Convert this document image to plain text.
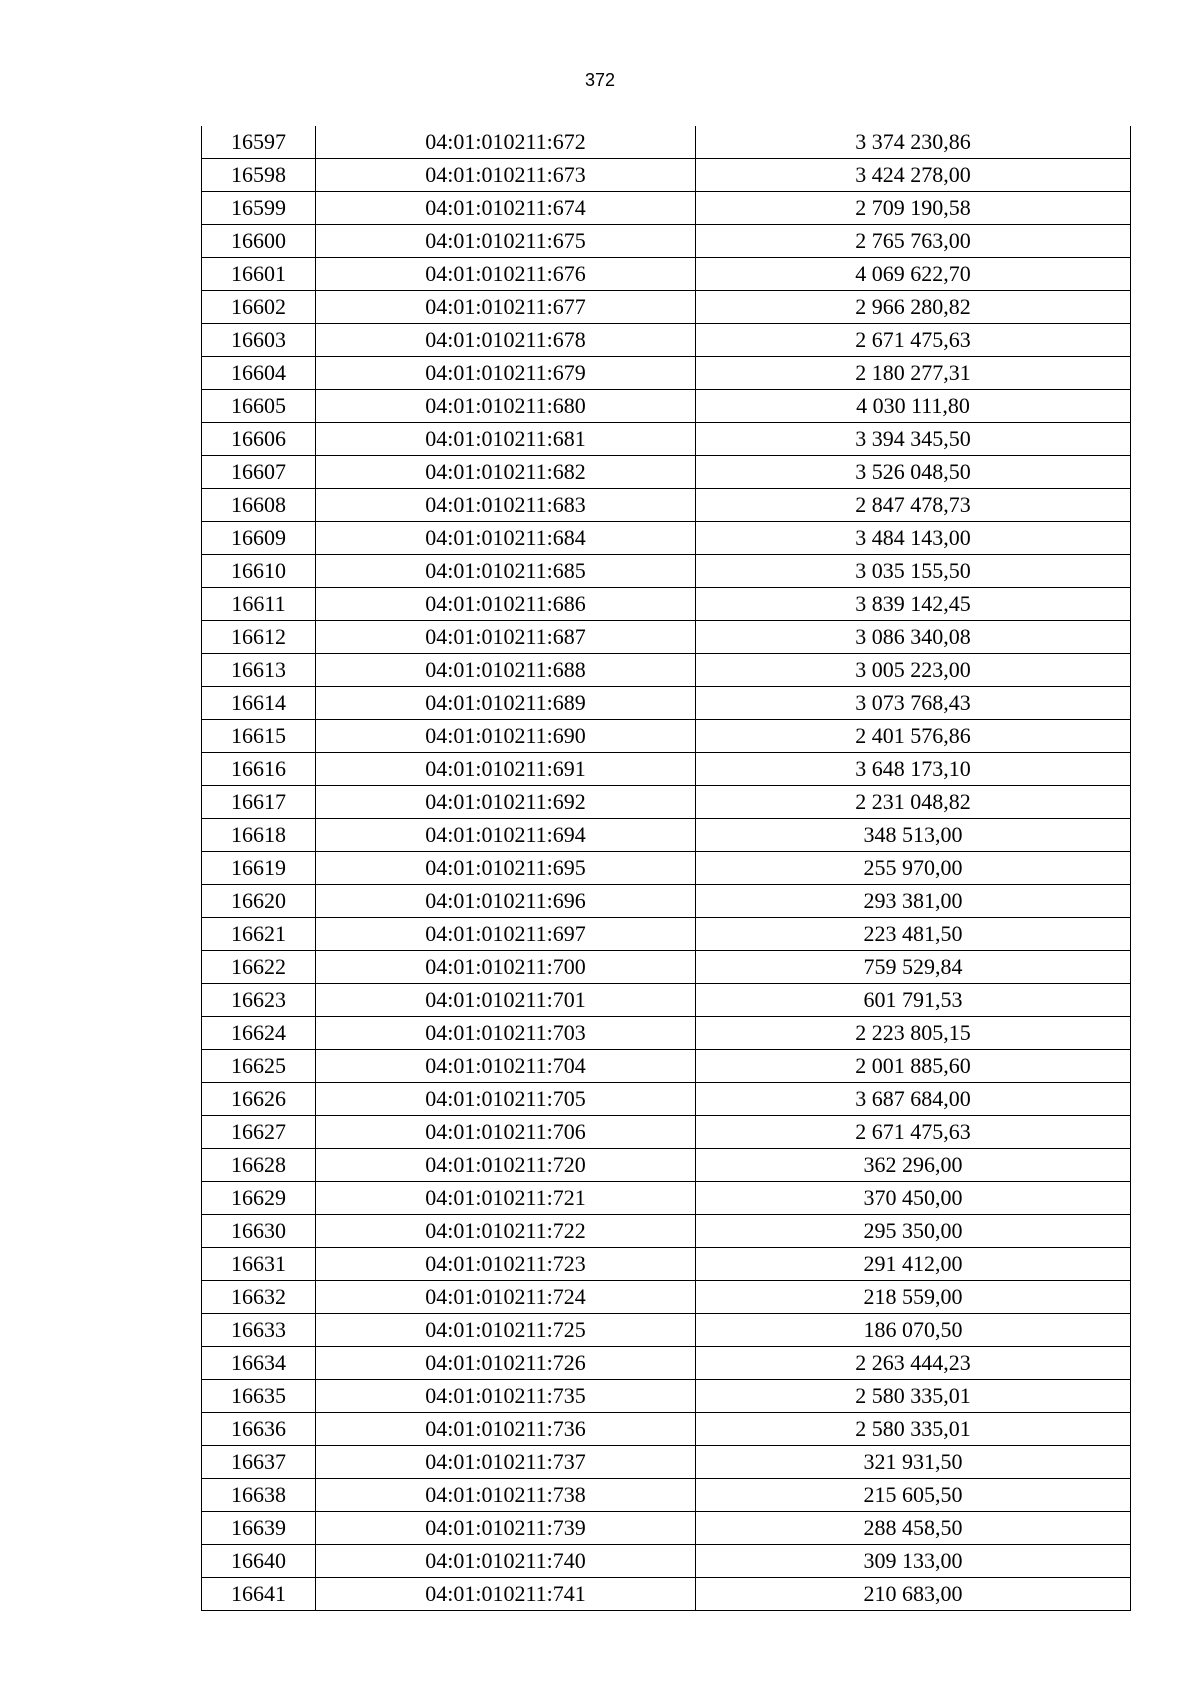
372
16597	04:01:010211:672	3 374 230,86
16598	04:01:010211:673	3 424 278,00
16599	04:01:010211:674	2 709 190,58
16600	04:01:010211:675	2 765 763,00
16601	04:01:010211:676	4 069 622,70
16602	04:01:010211:677	2 966 280,82
16603	04:01:010211:678	2 671 475,63
16604	04:01:010211:679	2 180 277,31
16605	04:01:010211:680	4 030 111,80
16606	04:01:010211:681	3 394 345,50
16607	04:01:010211:682	3 526 048,50
16608	04:01:010211:683	2 847 478,73
16609	04:01:010211:684	3 484 143,00
16610	04:01:010211:685	3 035 155,50
16611	04:01:010211:686	3 839 142,45
16612	04:01:010211:687	3 086 340,08
16613	04:01:010211:688	3 005 223,00
16614	04:01:010211:689	3 073 768,43
16615	04:01:010211:690	2 401 576,86
16616	04:01:010211:691	3 648 173,10
16617	04:01:010211:692	2 231 048,82
16618	04:01:010211:694	348 513,00
16619	04:01:010211:695	255 970,00
16620	04:01:010211:696	293 381,00
16621	04:01:010211:697	223 481,50
16622	04:01:010211:700	759 529,84
16623	04:01:010211:701	601 791,53
16624	04:01:010211:703	2 223 805,15
16625	04:01:010211:704	2 001 885,60
16626	04:01:010211:705	3 687 684,00
16627	04:01:010211:706	2 671 475,63
16628	04:01:010211:720	362 296,00
16629	04:01:010211:721	370 450,00
16630	04:01:010211:722	295 350,00
16631	04:01:010211:723	291 412,00
16632	04:01:010211:724	218 559,00
16633	04:01:010211:725	186 070,50
16634	04:01:010211:726	2 263 444,23
16635	04:01:010211:735	2 580 335,01
16636	04:01:010211:736	2 580 335,01
16637	04:01:010211:737	321 931,50
16638	04:01:010211:738	215 605,50
16639	04:01:010211:739	288 458,50
16640	04:01:010211:740	309 133,00
16641	04:01:010211:741	210 683,00
